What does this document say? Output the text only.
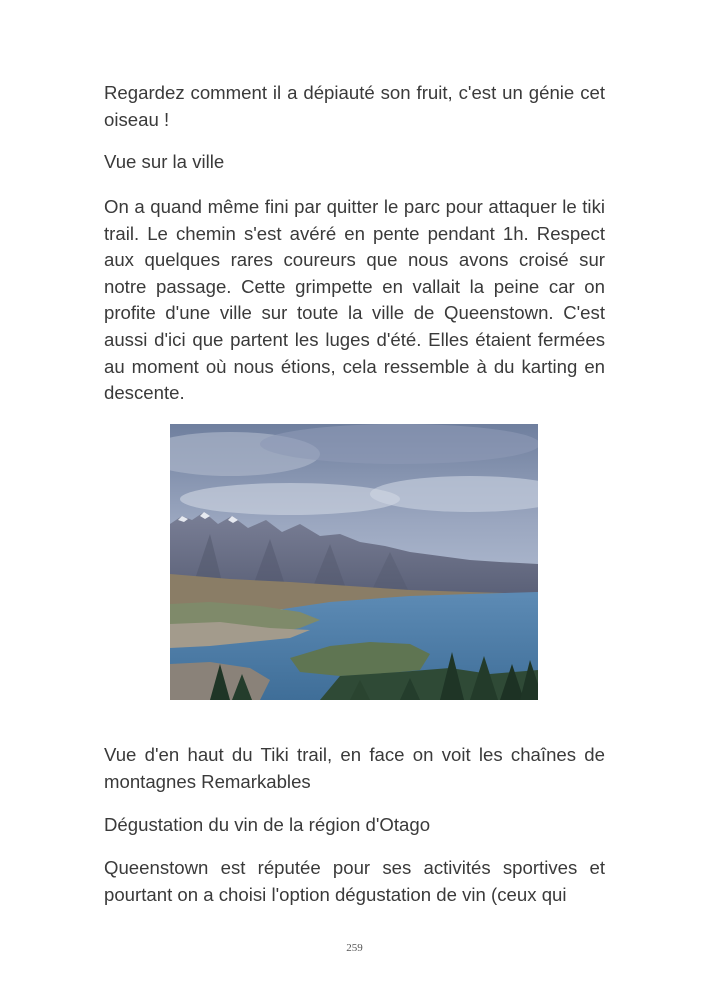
Regardez comment il a dépiauté son fruit, c'est un génie cet oiseau !

Vue sur la ville

On a quand même fini par quitter le parc pour attaquer le tiki trail. Le chemin s'est avéré en pente pendant 1h. Respect aux quelques rares coureurs que nous avons croisé sur notre passage. Cette grimpette en vallait la peine car on profite d'une ville sur toute la ville de Queenstown. C'est aussi d'ici que partent les luges d'été. Elles étaient fermées au moment où nous étions, cela ressemble à du karting en descente.

Vue d'en haut du Tiki trail, en face on voit les chaînes de montagnes Remarkables

Dégustation du vin de la région d'Otago

Queenstown est réputée pour ses activités sportives et pourtant on a choisi l'option dégustation de vin (ceux qui

259
